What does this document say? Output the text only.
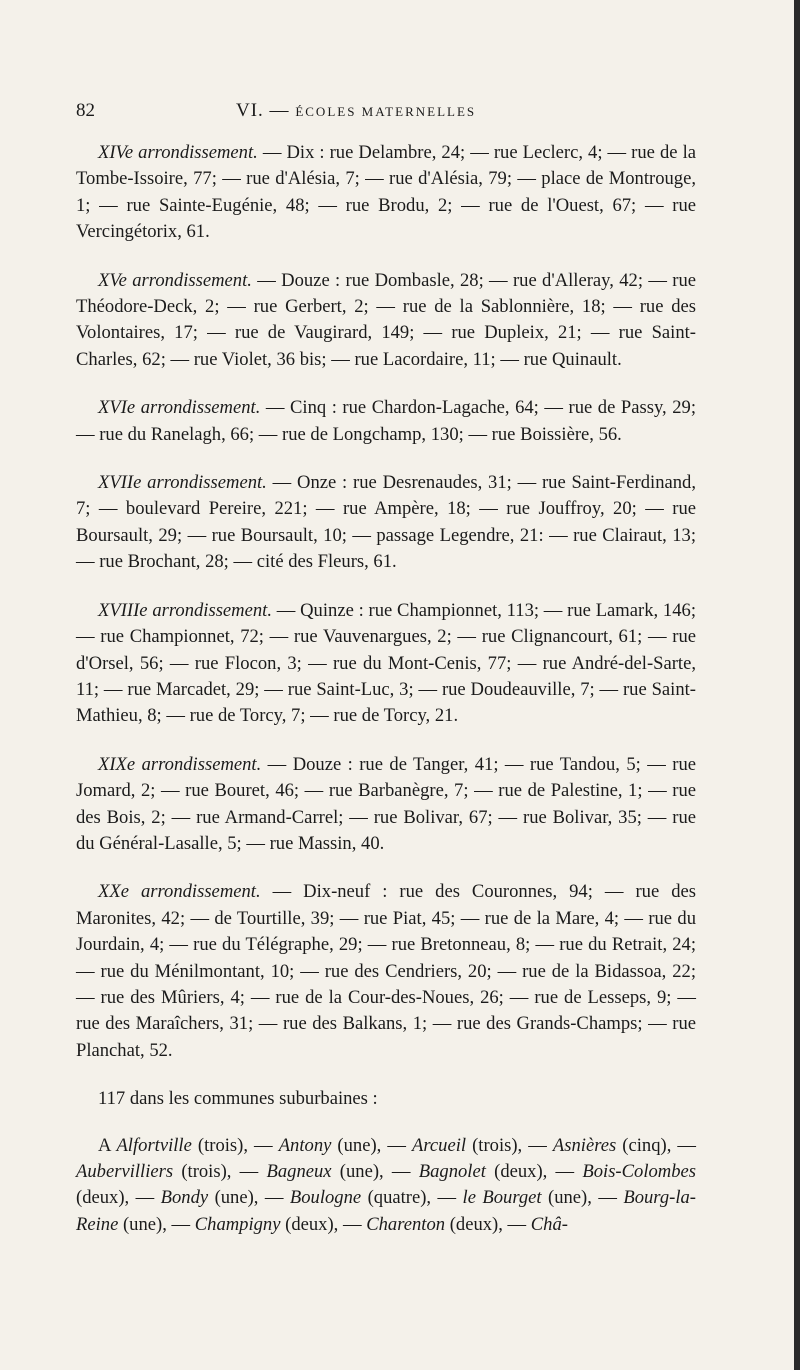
82	VI. — ÉCOLES MATERNELLES

XIVe arrondissement. — Dix : rue Delambre, 24; — rue Leclerc, 4; — rue de la Tombe-Issoire, 77; — rue d'Alésia, 7; — rue d'Alésia, 79; — place de Montrouge, 1; — rue Sainte-Eugénie, 48; — rue Brodu, 2; — rue de l'Ouest, 67; — rue Vercingétorix, 61.

XVe arrondissement. — Douze : rue Dombasle, 28; — rue d'Alleray, 42; — rue Théodore-Deck, 2; — rue Gerbert, 2; — rue de la Sablonnière, 18; — rue des Volontaires, 17; — rue de Vaugirard, 149; — rue Dupleix, 21; — rue Saint-Charles, 62; — rue Violet, 36 bis; — rue Lacordaire, 11; — rue Quinault.

XVIe arrondissement. — Cinq : rue Chardon-Lagache, 64; — rue de Passy, 29; — rue du Ranelagh, 66; — rue de Longchamp, 130; — rue Boissière, 56.

XVIIe arrondissement. — Onze : rue Desrenaudes, 31; — rue Saint-Ferdinand, 7; — boulevard Pereire, 221; — rue Ampère, 18; — rue Jouffroy, 20; — rue Boursault, 29; — rue Boursault, 10; — passage Legendre, 21: — rue Clairaut, 13; — rue Brochant, 28; — cité des Fleurs, 61.

XVIIIe arrondissement. — Quinze : rue Championnet, 113; — rue Lamark, 146; — rue Championnet, 72; — rue Vauvenargues, 2; — rue Clignancourt, 61; — rue d'Orsel, 56; — rue Flocon, 3; — rue du Mont-Cenis, 77; — rue André-del-Sarte, 11; — rue Marcadet, 29; — rue Saint-Luc, 3; — rue Doudeauville, 7; — rue Saint-Mathieu, 8; — rue de Torcy, 7; — rue de Torcy, 21.

XIXe arrondissement. — Douze : rue de Tanger, 41; — rue Tandou, 5; — rue Jomard, 2; — rue Bouret, 46; — rue Barbanègre, 7; — rue de Palestine, 1; — rue des Bois, 2; — rue Armand-Carrel; — rue Bolivar, 67; — rue Bolivar, 35; — rue du Général-Lasalle, 5; — rue Massin, 40.

XXe arrondissement. — Dix-neuf : rue des Couronnes, 94; — rue des Maronites, 42; — de Tourtille, 39; — rue Piat, 45; — rue de la Mare, 4; — rue du Jourdain, 4; — rue du Télégraphe, 29; — rue Bretonneau, 8; — rue du Retrait, 24; — rue du Ménilmontant, 10; — rue des Cendriers, 20; — rue de la Bidassoa, 22; — rue des Mûriers, 4; — rue de la Cour-des-Noues, 26; — rue de Lesseps, 9; — rue des Maraîchers, 31; — rue des Balkans, 1; — rue des Grands-Champs; — rue Planchat, 52.

117 dans les communes suburbaines :

A Alfortville (trois), — Antony (une), — Arcueil (trois), — Asnières (cinq), — Aubervilliers (trois), — Bagneux (une), — Bagnolet (deux), — Bois-Colombes (deux), — Bondy (une), — Boulogne (quatre), — le Bourget (une), — Bourg-la-Reine (une), — Champigny (deux), — Charenton (deux), — Châ-
